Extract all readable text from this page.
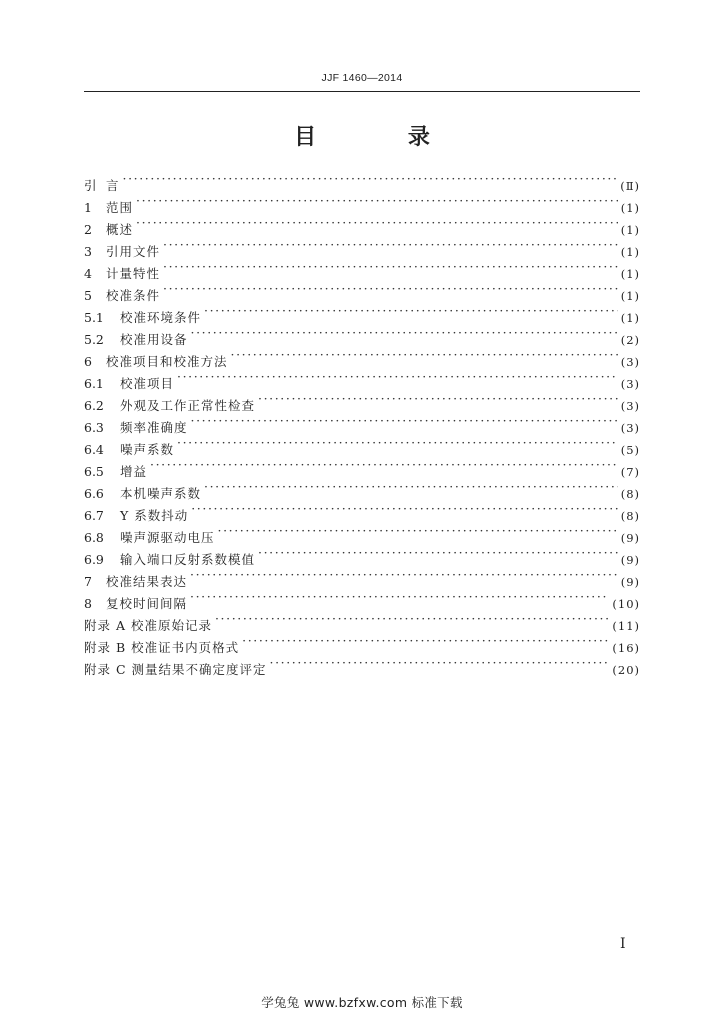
JJF 1460—2014
目 录
引 言 ·····	(Ⅱ)
1	范围 ·····	(1)
2	概述 ·····	(1)
3	引用文件 ·····	(1)
4	计量特性 ·····	(1)
5	校准条件 ·····	(1)
5.1	校准环境条件 ·····	(1)
5.2	校准用设备 ·····	(2)
6	校准项目和校准方法 ·····	(3)
6.1	校准项目 ·····	(3)
6.2	外观及工作正常性检查 ·····	(3)
6.3	频率准确度 ·····	(3)
6.4	噪声系数 ·····	(5)
6.5	增益 ·····	(7)
6.6	本机噪声系数 ·····	(8)
6.7	Y 系数抖动 ·····	(8)
6.8	噪声源驱动电压 ·····	(9)
6.9	输入端口反射系数模值 ·····	(9)
7	校准结果表达 ·····	(9)
8	复校时间间隔 ·····	(10)
附录 A 校准原始记录 ·····	(11)
附录 B 校准证书内页格式 ·····	(16)
附录 C 测量结果不确定度评定 ·····	(20)
I
学兔兔 www.bzfxw.com 标准下载
